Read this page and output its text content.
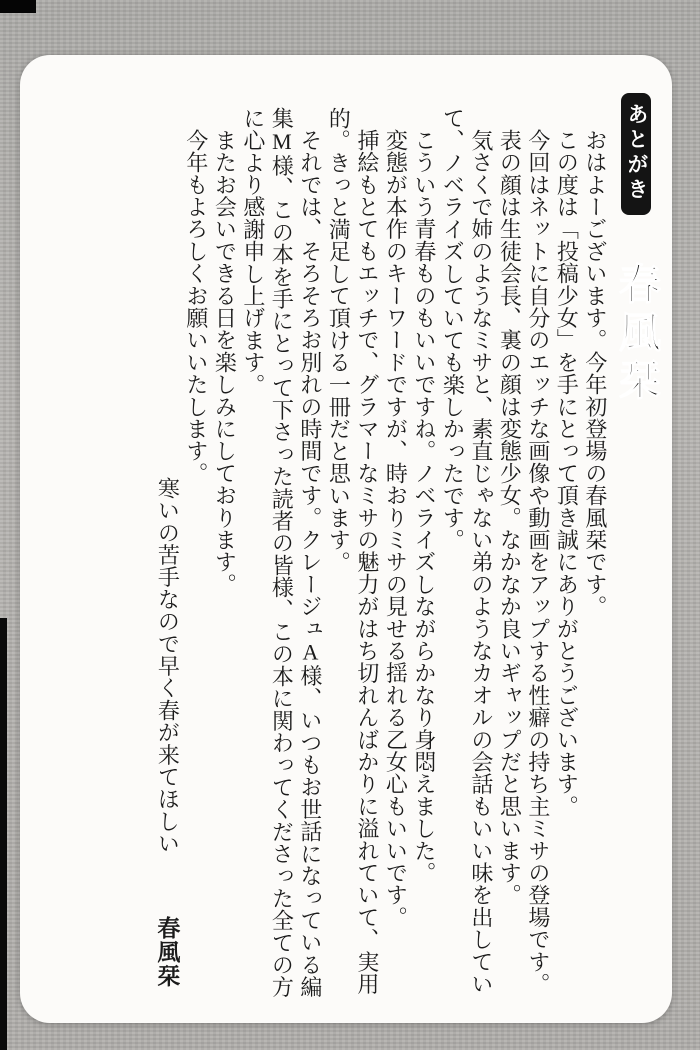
あとがき 春風栞
おはよーございます。今年初登場の春風栞です。
この度は「投稿少女」を手にとって頂き誠にありがとうございます。
今回はネットに自分のエッチな画像や動画をアップする性癖の持ち主ミサの登場です。
表の顔は生徒会長、裏の顔は変態少女。なかなか良いギャップだと思います。
気さくで姉のようなミサと、素直じゃない弟のようなカオルの会話もいい味を出してい
て、ノベライズしていても楽しかったです。
こういう青春ものもいいですね。ノベライズしながらかなり身悶えました。
変態が本作のキーワードですが、時おりミサの見せる揺れる乙女心もいいです。
挿絵もとてもエッチで、グラマーなミサの魅力がはち切れんばかりに溢れていて、実用
的。きっと満足して頂ける一冊だと思います。
それでは、そろそろお別れの時間です。クレージュA様、いつもお世話になっている編
集M様、この本を手にとって下さった読者の皆様、この本に関わってくださった全ての方
に心より感謝申し上げます。
またお会いできる日を楽しみにしております。
今年もよろしくお願いいたします。
寒いの苦手なので早く春が来てほしい 春風栞
